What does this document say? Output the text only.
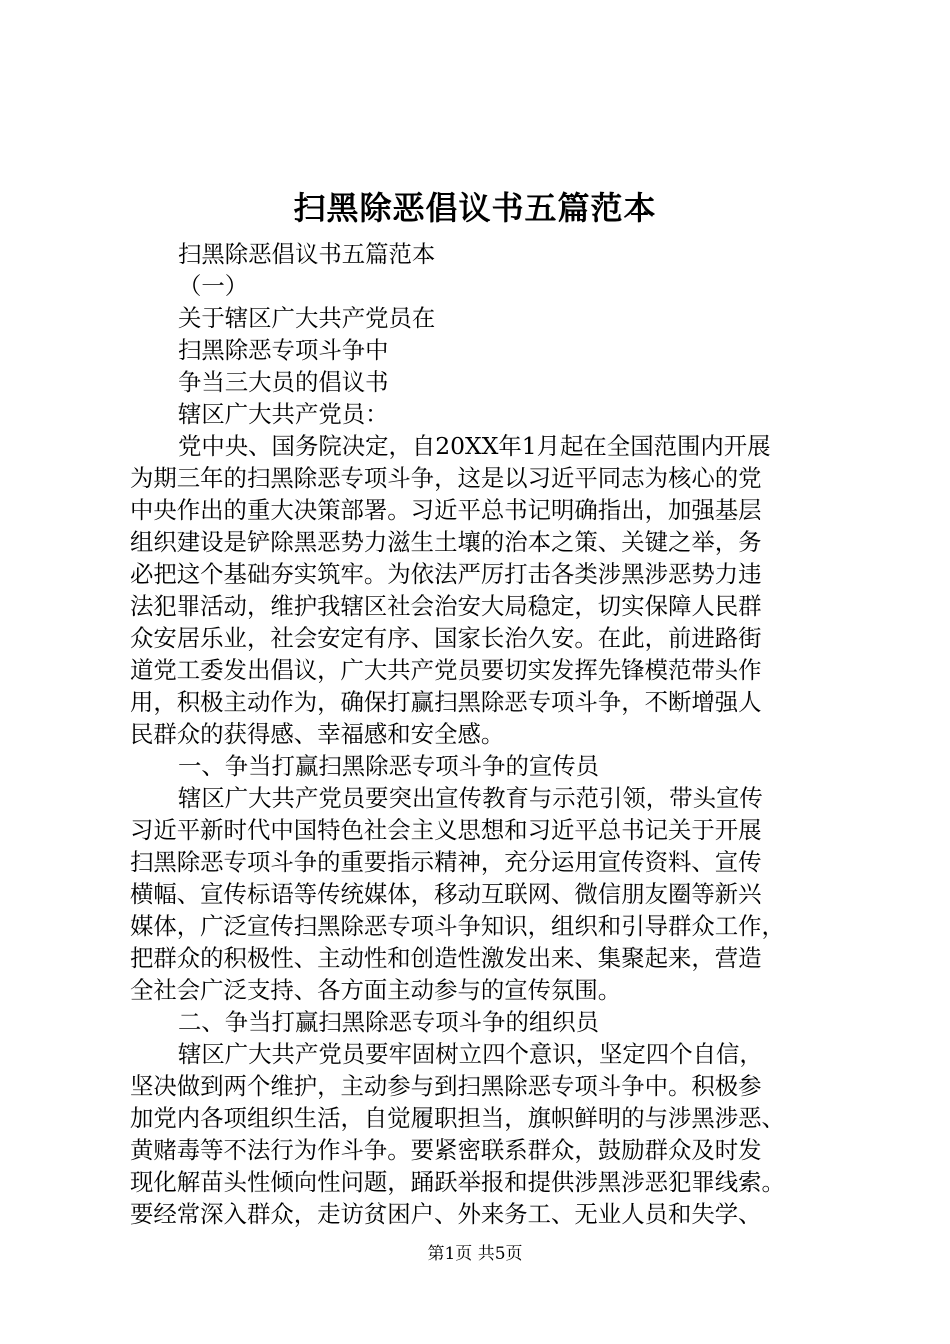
扫黑除恶倡议书五篇范本
扫黑除恶倡议书五篇范本
（一）
关于辖区广大共产党员在
扫黑除恶专项斗争中
争当三大员的倡议书
辖区广大共产党员：
党中央、国务院决定，自20XX年1月起在全国范围内开展
为期三年的扫黑除恶专项斗争，这是以习近平同志为核心的党
中央作出的重大决策部署。习近平总书记明确指出，加强基层
组织建设是铲除黑恶势力滋生土壤的治本之策、关键之举，务
必把这个基础夯实筑牢。为依法严厉打击各类涉黑涉恶势力违
法犯罪活动，维护我辖区社会治安大局稳定，切实保障人民群
众安居乐业，社会安定有序、国家长治久安。在此，前进路街
道党工委发出倡议，广大共产党员要切实发挥先锋模范带头作
用，积极主动作为，确保打赢扫黑除恶专项斗争，不断增强人
民群众的获得感、幸福感和安全感。
一、争当打赢扫黑除恶专项斗争的宣传员
辖区广大共产党员要突出宣传教育与示范引领，带头宣传
习近平新时代中国特色社会主义思想和习近平总书记关于开展
扫黑除恶专项斗争的重要指示精神，充分运用宣传资料、宣传
横幅、宣传标语等传统媒体，移动互联网、微信朋友圈等新兴
媒体，广泛宣传扫黑除恶专项斗争知识，组织和引导群众工作，
把群众的积极性、主动性和创造性激发出来、集聚起来，营造
全社会广泛支持、各方面主动参与的宣传氛围。
二、争当打赢扫黑除恶专项斗争的组织员
辖区广大共产党员要牢固树立四个意识，坚定四个自信，
坚决做到两个维护，主动参与到扫黑除恶专项斗争中。积极参
加党内各项组织生活，自觉履职担当，旗帜鲜明的与涉黑涉恶、
黄赌毒等不法行为作斗争。要紧密联系群众，鼓励群众及时发
现化解苗头性倾向性问题，踊跃举报和提供涉黑涉恶犯罪线索。
要经常深入群众，走访贫困户、外来务工、无业人员和失学、
第1页 共5页
